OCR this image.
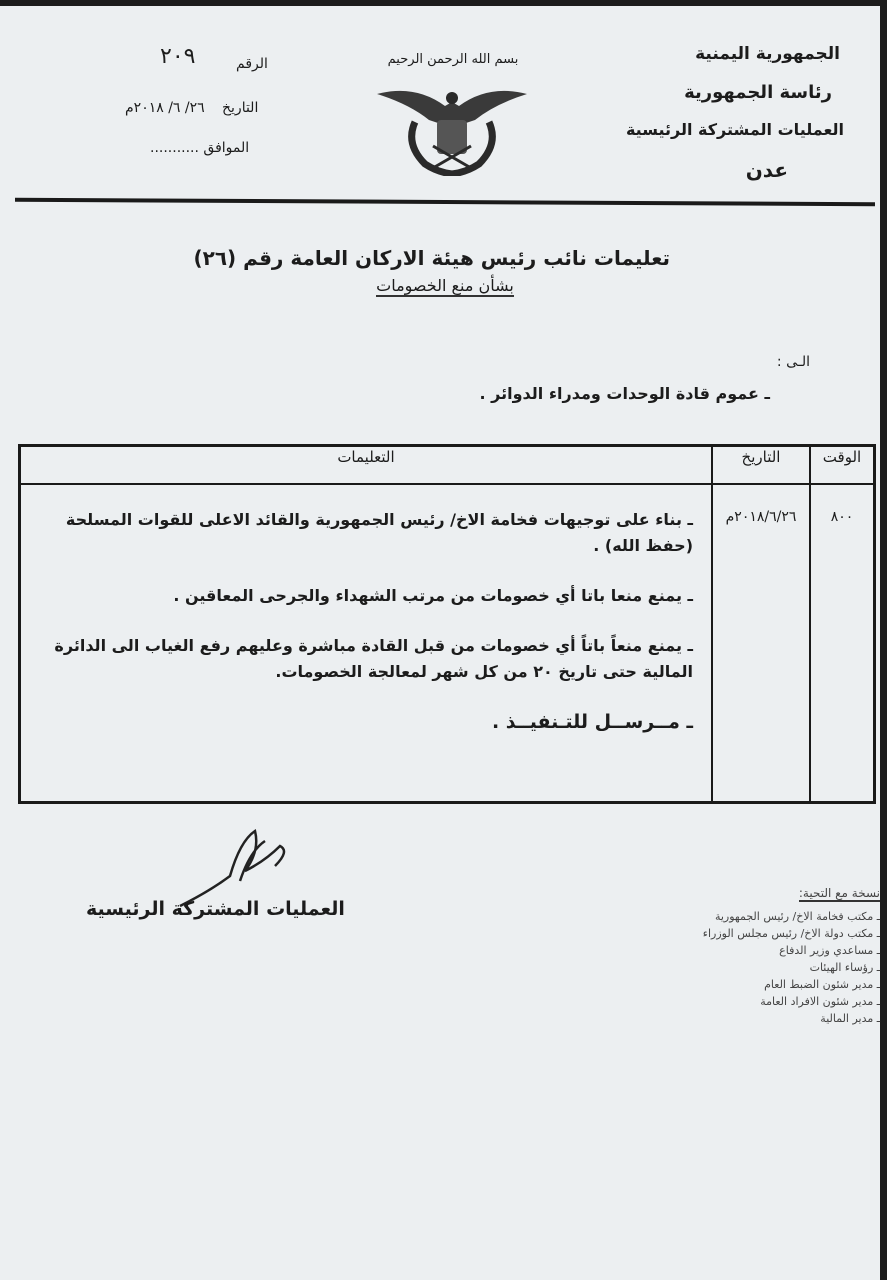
الجمهورية اليمنية
رئاسة الجمهورية
العمليات المشتركة الرئيسية
عدن
بسم الله الرحمن الرحيم
٢٠٩	الرقم
٢٦/ ٦/ ٢٠١٨م التاريخ
الموافق ...........
تعليمات نائب رئيس هيئة الاركان العامة رقم (٢٦)
بشأن منع الخصومات
الـى :
ـ عموم قادة الوحدات ومدراء الدوائر .
الوقت	التاريخ	التعليمات
٨٠٠	٢٠١٨/٦/٢٦م	ـ بناء على توجيهات فخامة الاخ/ رئيس الجمهورية والقائد الاعلى للقوات المسلحة (حفظ الله) .

ـ يمنع منعا باتا أي خصومات من مرتب الشهداء والجرحى المعاقين .

ـ يمنع منعاً باتاً أي خصومات من قبل القادة مباشرة وعليهم رفع الغياب الى الدائرة المالية حتى تاريخ ٢٠ من كل شهر لمعالجة الخصومات.

ـ مــرســل للتـنفيــذ .

العمليات المشتركة الرئيسية
نسخة مع التحية:
ـ مكتب فخامة الاخ/ رئيس الجمهورية
ـ مكتب دولة الاخ/ رئيس مجلس الوزراء
ـ مساعدي وزير الدفاع
ـ رؤساء الهيئات
ـ مدير شئون الضبط العام
ـ مدير شئون الافراد العامة
ـ مدير المالية
